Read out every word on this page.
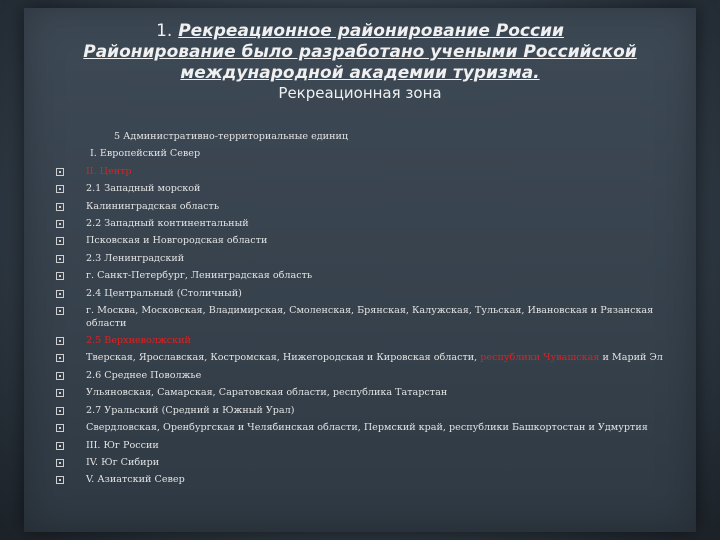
1. Рекреационное районирование России
Районирование было разработано учеными Российской
международной академии туризма.
Рекреационная зона
5 Административно-территориальные единиц
I. Европейский Север
II. Центр
2.1 Западный морской
Калининградская область
2.2 Западный континентальный
Псковская и Новгородская области
2.3 Ленинградский
г. Санкт-Петербург, Ленинградская область
2.4 Центральный (Столичный)
г. Москва, Московская, Владимирская, Смоленская, Брянская, Калужская, Тульская, Ивановская и Рязанская области
2.5 Верхневолжский
Тверская, Ярославская, Костромская, Нижегородская и Кировская области, республики Чувашская и Марий Эл
2.6 Среднее Поволжье
Ульяновская, Самарская, Саратовская области, республика Татарстан
2.7 Уральский (Средний и Южный Урал)
Свердловская, Оренбургская и Челябинская области, Пермский край, республики Башкортостан и Удмуртия
III. Юг России
IV. Юг Сибири
V. Азиатский Север
